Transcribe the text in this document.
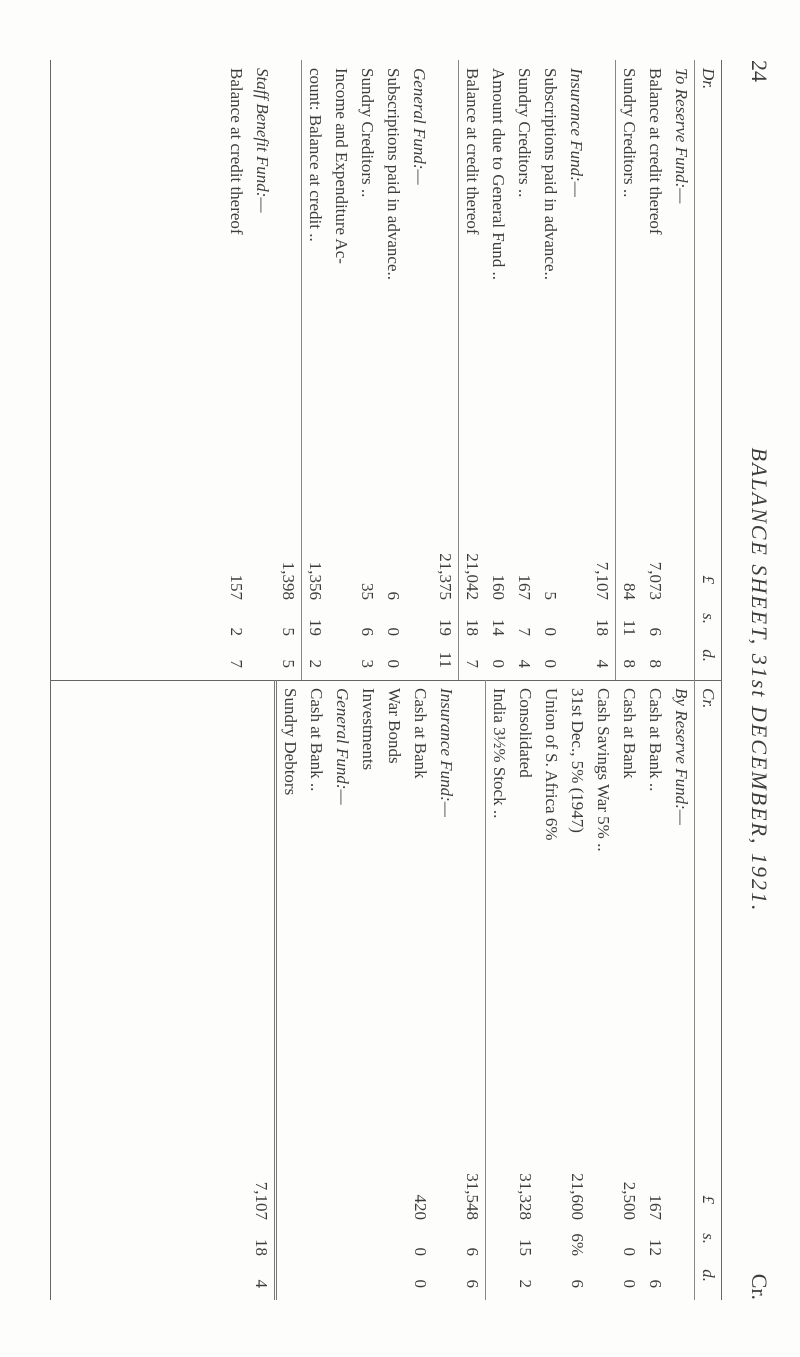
24
BALANCE SHEET, 31st DECEMBER, 1921.
Cr.
Dr.
£
s.
d.
To Reserve Fund:—
Balance at credit thereof
7,073
6
8
Sundry Creditors ..
84
11
8
7,107
18
4
Insurance Fund:—
Subscriptions paid in advance..
5
0
0
Sundry Creditors ..
167
7
4
Amount due to General Fund ..
160
14
0
Balance at credit thereof
21,042
18
7
21,375
19
11
General Fund:—
Subscriptions paid in advance..
6
0
0
Sundry Creditors ..
35
6
3
Income and Expenditure Ac-
count: Balance at credit ..
1,356
19
2
1,398
5
5
Staff Benefit Fund:—
Balance at credit thereof
157
2
7
Cr.
£
s.
d.
By Reserve Fund:—
Cash at Bank ..
167
12
6
Cash at Bank
2,500
0
0
Cash Savings War 5% ..
31st Dec., 5% (1947)
21,600
6%
6
Union of S. Africa 6%
Consolidated
31,328
15
2
India 3½% Stock ..
31,548
6
6
Insurance Fund:—
Cash at Bank
420
0
0
War Bonds
Investments
General Fund:—
Cash at Bank ..
Sundry Debtors
7,107
18
4
